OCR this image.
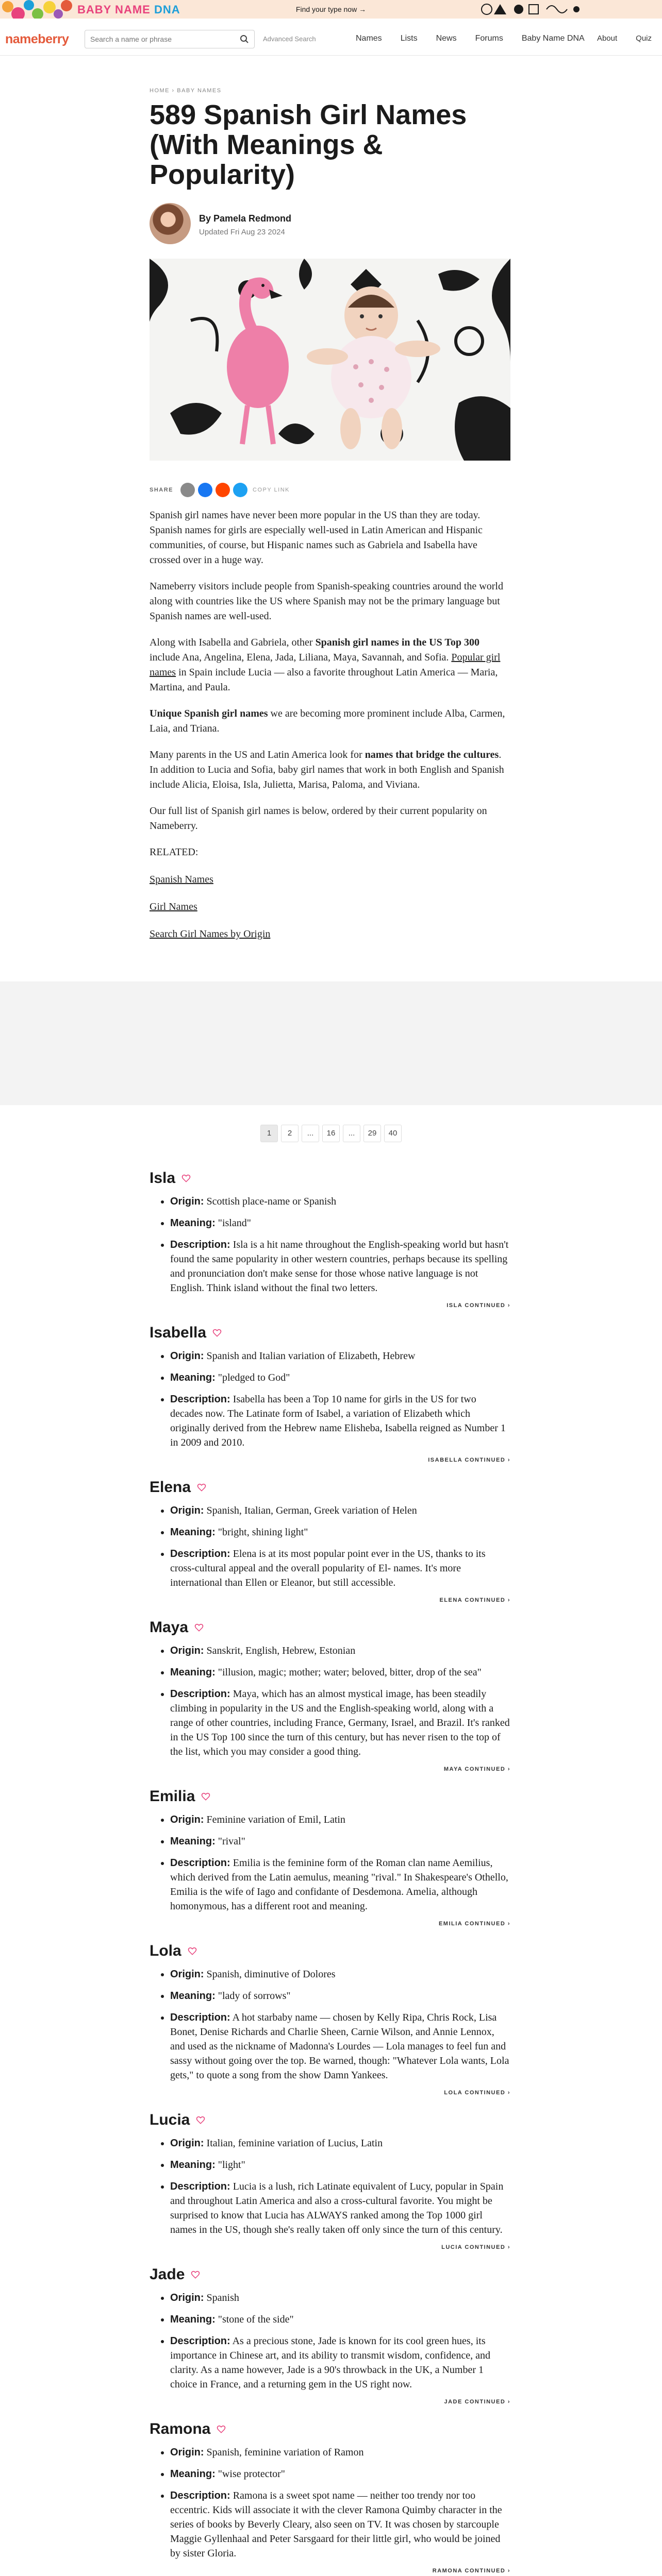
BABY NAME DNA	Find your type now →
nameberry
Search a name or phrase	Advanced Search	Names Lists News Forums Baby Name DNA About Quiz
HOME › BABY NAMES
589 Spanish Girl Names (With Meanings & Popularity)
By Pamela Redmond
Updated Fri Aug 23 2024
SHARE	COPY LINK

Spanish girl names have never been more popular in the US than they are today. Spanish names for girls are especially well-used in Latin American and Hispanic communities, of course, but Hispanic names such as Gabriela and Isabella have crossed over in a huge way.

Nameberry visitors include people from Spanish-speaking countries around the world along with countries like the US where Spanish may not be the primary language but Spanish names are well-used.

Along with Isabella and Gabriela, other Spanish girl names in the US Top 300 include Ana, Angelina, Elena, Jada, Liliana, Maya, Savannah, and Sofia. Popular girl names in Spain include Lucia — also a favorite throughout Latin America — Maria, Martina, and Paula.

Unique Spanish girl names we are becoming more prominent include Alba, Carmen, Laia, and Triana.

Many parents in the US and Latin America look for names that bridge the cultures. In addition to Lucia and Sofia, baby girl names that work in both English and Spanish include Alicia, Eloisa, Isla, Julietta, Marisa, Paloma, and Viviana.

Our full list of Spanish girl names is below, ordered by their current popularity on Nameberry.

RELATED:

Spanish Names

Girl Names

Search Girl Names by Origin

1	2	...	16	...	29	40
Isla
• Origin: Scottish place-name or Spanish
• Meaning: "island"
• Description: Isla is a hit name throughout the English-speaking world but hasn't found the same popularity in other western countries, perhaps because its spelling and pronunciation don't make sense for those whose native language is not English. Think island without the final two letters.
ISLA CONTINUED ›
Isabella
• Origin: Spanish and Italian variation of Elizabeth, Hebrew
• Meaning: "pledged to God"
• Description: Isabella has been a Top 10 name for girls in the US for two decades now. The Latinate form of Isabel, a variation of Elizabeth which originally derived from the Hebrew name Elisheba, Isabella reigned as Number 1 in 2009 and 2010.
ISABELLA CONTINUED ›
Elena
• Origin: Spanish, Italian, German, Greek variation of Helen
• Meaning: "bright, shining light"
• Description: Elena is at its most popular point ever in the US, thanks to its cross-cultural appeal and the overall popularity of El- names. It's more international than Ellen or Eleanor, but still accessible.
ELENA CONTINUED ›
Maya
• Origin: Sanskrit, English, Hebrew, Estonian
• Meaning: "illusion, magic; mother; water; beloved, bitter, drop of the sea"
• Description: Maya, which has an almost mystical image, has been steadily climbing in popularity in the US and the English-speaking world, along with a range of other countries, including France, Germany, Israel, and Brazil. It's ranked in the US Top 100 since the turn of this century, but has never risen to the top of the list, which you may consider a good thing.
MAYA CONTINUED ›
Emilia
• Origin: Feminine variation of Emil, Latin
• Meaning: "rival"
• Description: Emilia is the feminine form of the Roman clan name Aemilius, which derived from the Latin aemulus, meaning "rival." In Shakespeare's Othello, Emilia is the wife of Iago and confidante of Desdemona. Amelia, although homonymous, has a different root and meaning.
EMILIA CONTINUED ›
Lola
• Origin: Spanish, diminutive of Dolores
• Meaning: "lady of sorrows"
• Description: A hot starbaby name — chosen by Kelly Ripa, Chris Rock, Lisa Bonet, Denise Richards and Charlie Sheen, Carnie Wilson, and Annie Lennox, and used as the nickname of Madonna's Lourdes — Lola manages to feel fun and sassy without going over the top. Be warned, though: "Whatever Lola wants, Lola gets," to quote a song from the show Damn Yankees.
LOLA CONTINUED ›
Lucia
• Origin: Italian, feminine variation of Lucius, Latin
• Meaning: "light"
• Description: Lucia is a lush, rich Latinate equivalent of Lucy, popular in Spain and throughout Latin America and also a cross-cultural favorite. You might be surprised to know that Lucia has ALWAYS ranked among the Top 1000 girl names in the US, though she's really taken off only since the turn of this century.
LUCIA CONTINUED ›
Jade
• Origin: Spanish
• Meaning: "stone of the side"
• Description: As a precious stone, Jade is known for its cool green hues, its importance in Chinese art, and its ability to transmit wisdom, confidence, and clarity. As a name however, Jade is a 90's throwback in the UK, a Number 1 choice in France, and a returning gem in the US right now.
JADE CONTINUED ›
Ramona
• Origin: Spanish, feminine variation of Ramon
• Meaning: "wise protector"
• Description: Ramona is a sweet spot name — neither too trendy nor too eccentric. Kids will associate it with the clever Ramona Quimby character in the series of books by Beverly Cleary, also seen on TV. It was chosen by starcouple Maggie Gyllenhaal and Peter Sarsgaard for their little girl, who would be joined by sister Gloria.
RAMONA CONTINUED ›
